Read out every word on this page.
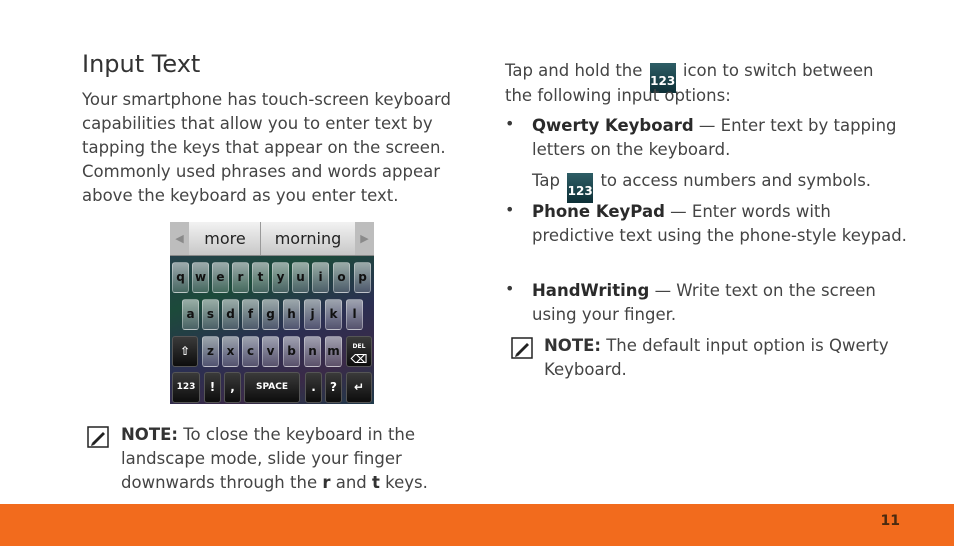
Input Text

Your smartphone has touch-screen keyboard capabilities that allow you to enter text by tapping the keys that appear on the screen. Commonly used phrases and words appear above the keyboard as you enter text.

◀	more	morning	▶
q w e	r	t	y u	i	o	p
a	s	d	f	g	h	j	k	l
⇧	z	x	c	v	b	n m	DEL
⌫
123	!	,	SPACE	.	?	↵

NOTE: To close the keyboard in the landscape mode, slide your finger downwards through the r and t keys.

Tap and hold the 123 icon to switch between

the following input options:

• Qwerty Keyboard — Enter text by tapping letters on the keyboard.

Tap 123 to access numbers and symbols.

• Phone KeyPad — Enter words with predictive text using the phone-style keypad.

• HandWriting — Write text on the screen using your finger.

NOTE: The default input option is Qwerty Keyboard.

11
